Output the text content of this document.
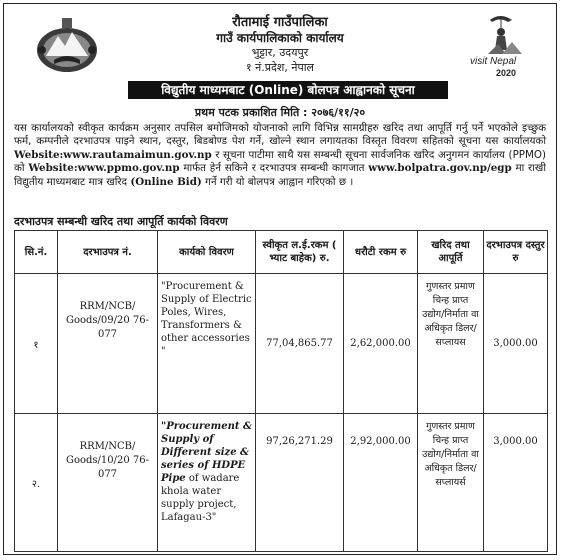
रौतामाई गाउँपालिका
गाउँ कार्यपालिकाको कार्यालय
भुट्टार, उदयपुर
१ नं.प्रदेश, नेपाल	visit Nepal
2020
विद्युतीय माध्यमबाट (Online) बोलपत्र आह्वानको सूचना
प्रथम पटक प्रकाशित मिति : २०७६/११/२०
यस कार्यालयको स्वीकृत कार्यक्रम अनुसार तपसिल बमोजिमको योजनाको लागि विभिन्न सामग्रीहरु खरिद तथा आपूर्ति गर्नु पर्ने भएकोले इच्छुक फर्म, कम्पनीले दरभाउपत्र पाइने स्थान, दस्तुर, बिडबोण्ड पेश गर्ने, खोल्ने स्थान लगायतका विस्तृत विवरण सहितको सूचना यस कार्यालयको Website:www.rautamaimun.gov.np र सूचना पाटीमा साथै यस सम्बन्धी सूचना सार्वजनिक खरिद अनुगमन कार्यालय (PPMO) को Website:www.ppmo.gov.np मार्फत हेर्न सकिने र दरभाउपत्र सम्बन्धी कागजात www.bolpatra.gov.np/egp मा राखी विद्युतीय माध्यमबाट मात्र खरिद (Online Bid) गर्ने गरी यो बोलपत्र आह्वान गरिएको छ ।
दरभाउपत्र सम्बन्धी खरिद तथा आपूर्ति कार्यको विवरण
सि.नं.	दरभाउपत्र नं.	कार्यको विवरण	स्वीकृत ल.ई.रकम ( भ्याट बाहेक) रु.	धरौटी रकम रु	खरिद तथा आपूर्ति	दरभाउपत्र दस्तुर रु
१	RRM/NCB/ Goods/09/20 76-077	"Procurement & Supply of Electric Poles, Wires, Transformers & other accessories "	77,04,865.77	2,62,000.00	गुणस्तर प्रमाण चिन्ह प्राप्त उद्योग/निर्माता वा अधिकृत डिलर/सप्लायस	3,000.00
२.	RRM/NCB/ Goods/10/20 76-077	"Procurement & Supply of Different size & series of HDPE Pipe of wadare khola water supply project, Lafagau-3"	97,26,271.29	2,92,000.00	गुणस्तर प्रमाण चिन्ह प्राप्त उद्योग/निर्माता वा अधिकृत डिलर/सप्लायर्स	3,000.00
